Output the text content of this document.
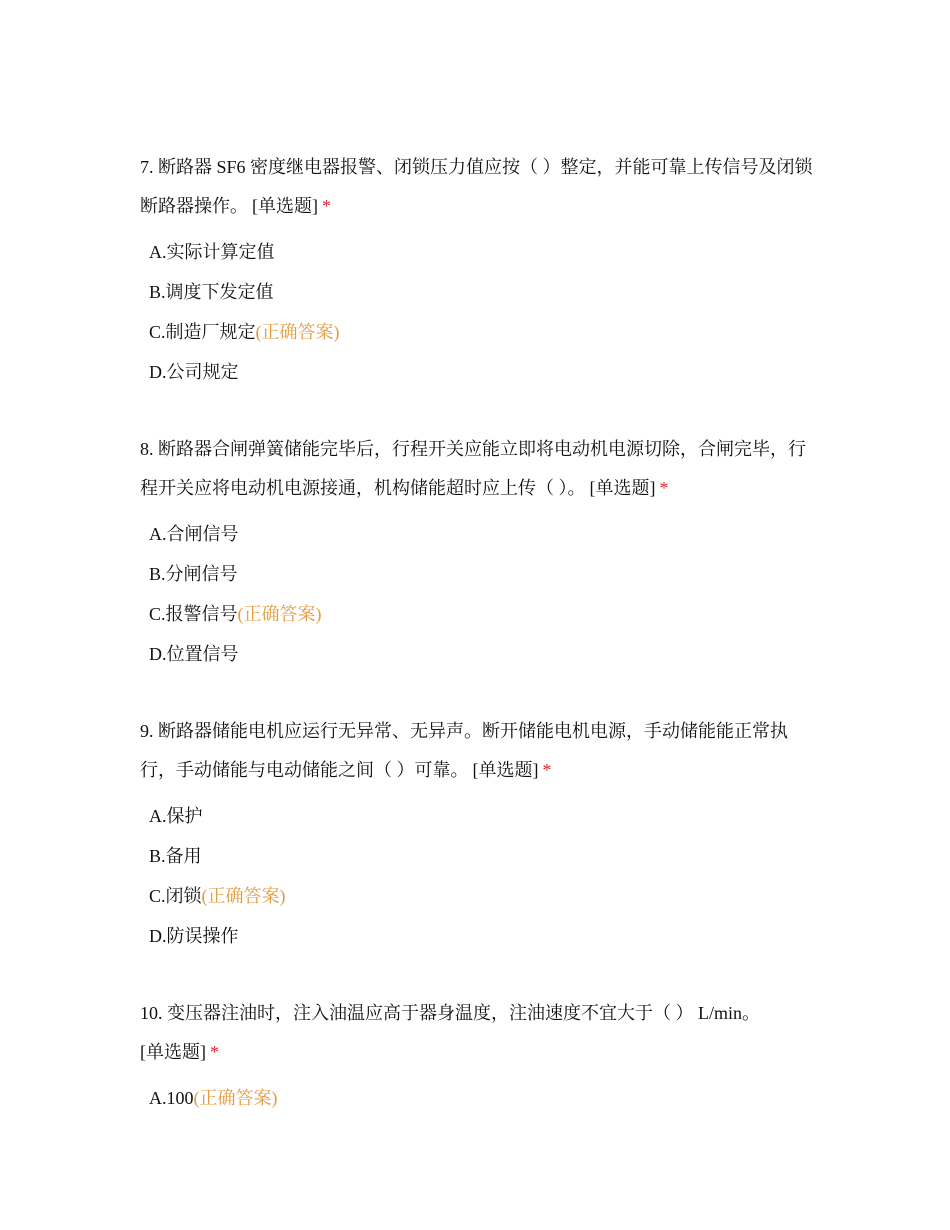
7. 断路器 SF6 密度继电器报警、闭锁压力值应按（ ）整定，并能可靠上传信号及闭锁断路器操作。 [单选题] *
A.实际计算定值
B.调度下发定值
C.制造厂规定(正确答案)
D.公司规定
8. 断路器合闸弹簧储能完毕后，行程开关应能立即将电动机电源切除，合闸完毕，行程开关应将电动机电源接通，机构储能超时应上传（ ）。 [单选题] *
A.合闸信号
B.分闸信号
C.报警信号(正确答案)
D.位置信号
9. 断路器储能电机应运行无异常、无异声。断开储能电机电源，手动储能能正常执行，手动储能与电动储能之间（ ）可靠。 [单选题] *
A.保护
B.备用
C.闭锁(正确答案)
D.防误操作
10. 变压器注油时，注入油温应高于器身温度，注油速度不宜大于（ ） L/min。
[单选题] *
A.100(正确答案)
